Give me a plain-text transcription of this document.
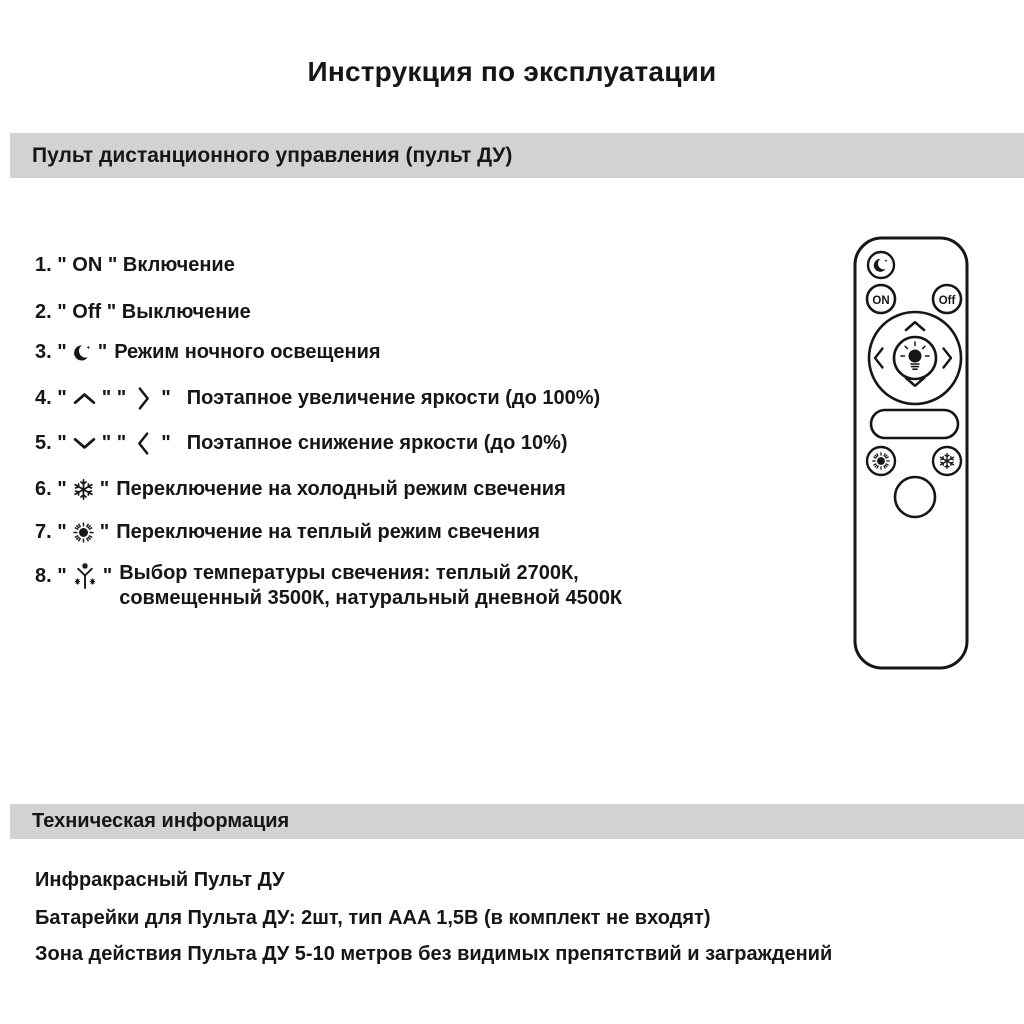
Инструкция по эксплуатации
Пульт дистанционного управления (пульт ДУ)
1. " ON " Включение
2. " Off " Выключение
3. " " Режим ночного освещения
4. " " " " Поэтапное увеличение яркости (до 100%)
5. " " " " Поэтапное снижение яркости (до 10%)
6. " " Переключение на холодный режим свечения
7. " " Переключение на теплый режим свечения
8. " " Выбор температуры свечения: теплый 2700К,
совмещенный 3500К, натуральный дневной 4500К
ON	Off
Техническая информация
Инфракрасный Пульт ДУ
Батарейки для Пульта ДУ: 2шт, тип AAA 1,5В (в комплект не входят)
Зона действия Пульта ДУ 5-10 метров без видимых препятствий и заграждений
